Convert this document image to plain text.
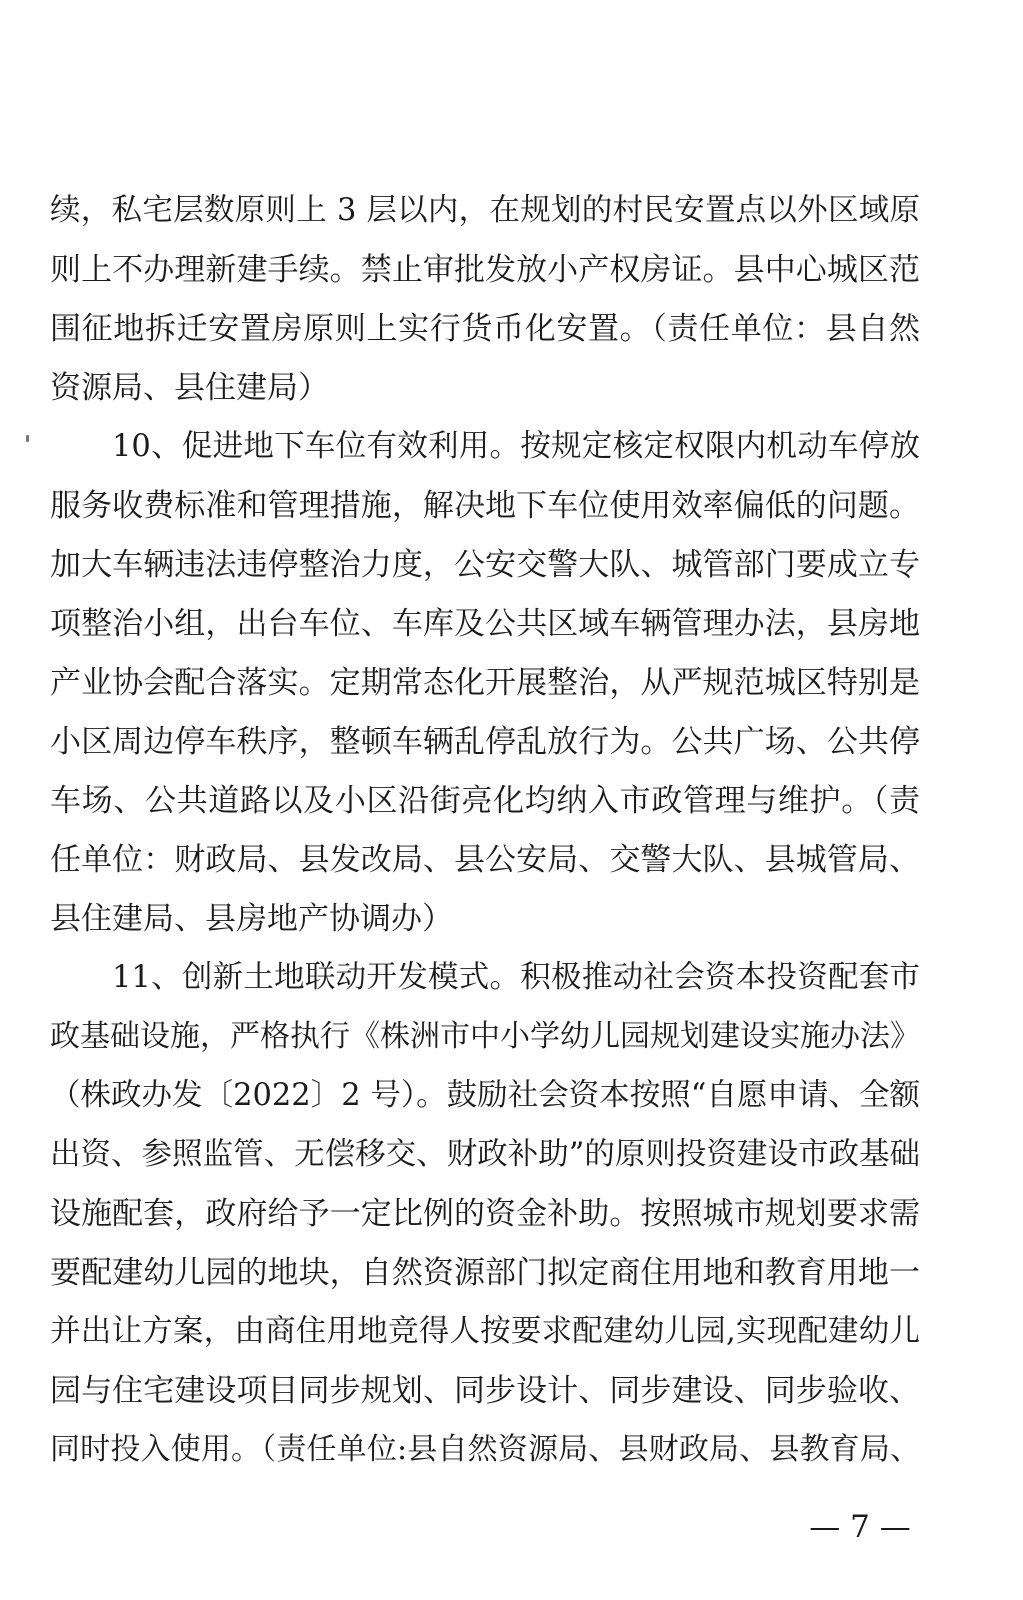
续，私宅层数原则上 3 层以内，在规划的村民安置点以外区域原
则上不办理新建手续。禁止审批发放小产权房证。县中心城区范
围征地拆迁安置房原则上实行货币化安置。（责任单位：县自然
资源局、县住建局）
10、促进地下车位有效利用。按规定核定权限内机动车停放
服务收费标准和管理措施，解决地下车位使用效率偏低的问题。
加大车辆违法违停整治力度，公安交警大队、城管部门要成立专
项整治小组，出台车位、车库及公共区域车辆管理办法，县房地
产业协会配合落实。定期常态化开展整治，从严规范城区特别是
小区周边停车秩序，整顿车辆乱停乱放行为。公共广场、公共停
车场、公共道路以及小区沿街亮化均纳入市政管理与维护。（责
任单位：财政局、县发改局、县公安局、交警大队、县城管局、
县住建局、县房地产协调办）
11、创新土地联动开发模式。积极推动社会资本投资配套市
政基础设施，严格执行《株洲市中小学幼儿园规划建设实施办法》
（株政办发〔2022〕2 号）。鼓励社会资本按照“自愿申请、全额
出资、参照监管、无偿移交、财政补助”的原则投资建设市政基础
设施配套，政府给予一定比例的资金补助。按照城市规划要求需
要配建幼儿园的地块，自然资源部门拟定商住用地和教育用地一
并出让方案，由商住用地竞得人按要求配建幼儿园,实现配建幼儿
园与住宅建设项目同步规划、同步设计、同步建设、同步验收、
同时投入使用。（责任单位:县自然资源局、县财政局、县教育局、
— 7 —
